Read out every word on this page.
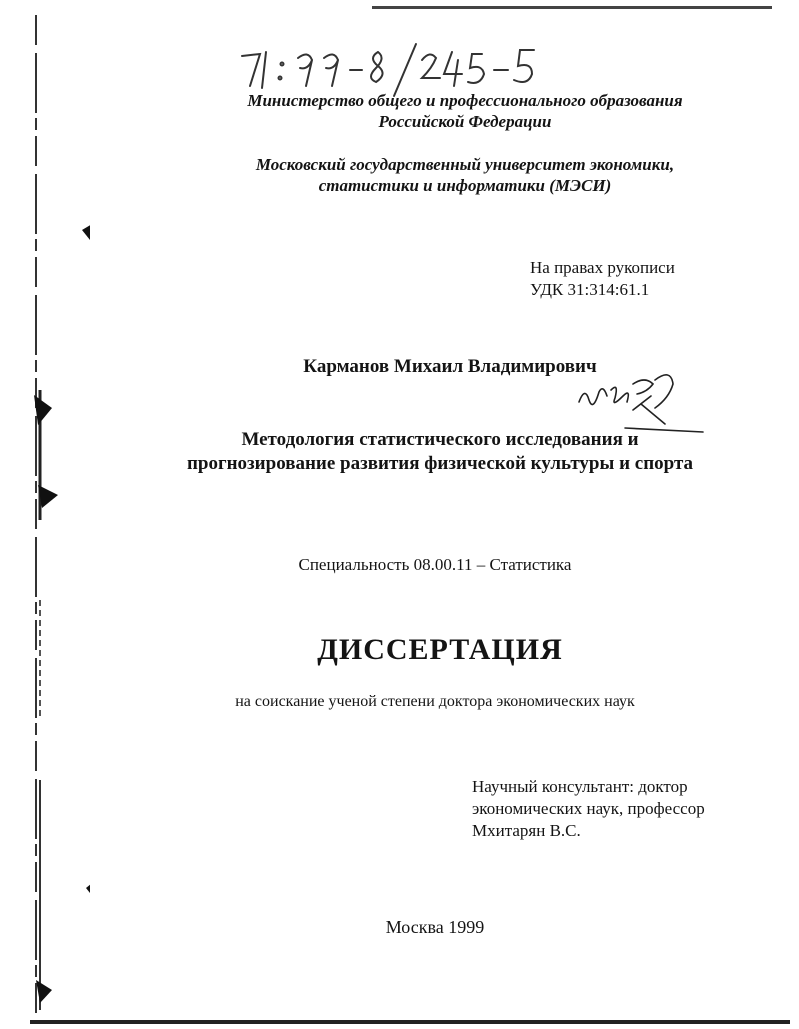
Министерство общего и профессионального образования
Российской Федерации
Московский государственный университет экономики,
статистики и информатики (МЭСИ)
На правах рукописи
УДК 31:314:61.1
Карманов Михаил Владимирович
Методология статистического исследования и
прогнозирование развития физической культуры и спорта
Специальность 08.00.11 – Статистика
ДИССЕРТАЦИЯ
на соискание ученой степени доктора экономических наук
Научный консультант: доктор
экономических наук, профессор
Мхитарян В.С.
Москва 1999
